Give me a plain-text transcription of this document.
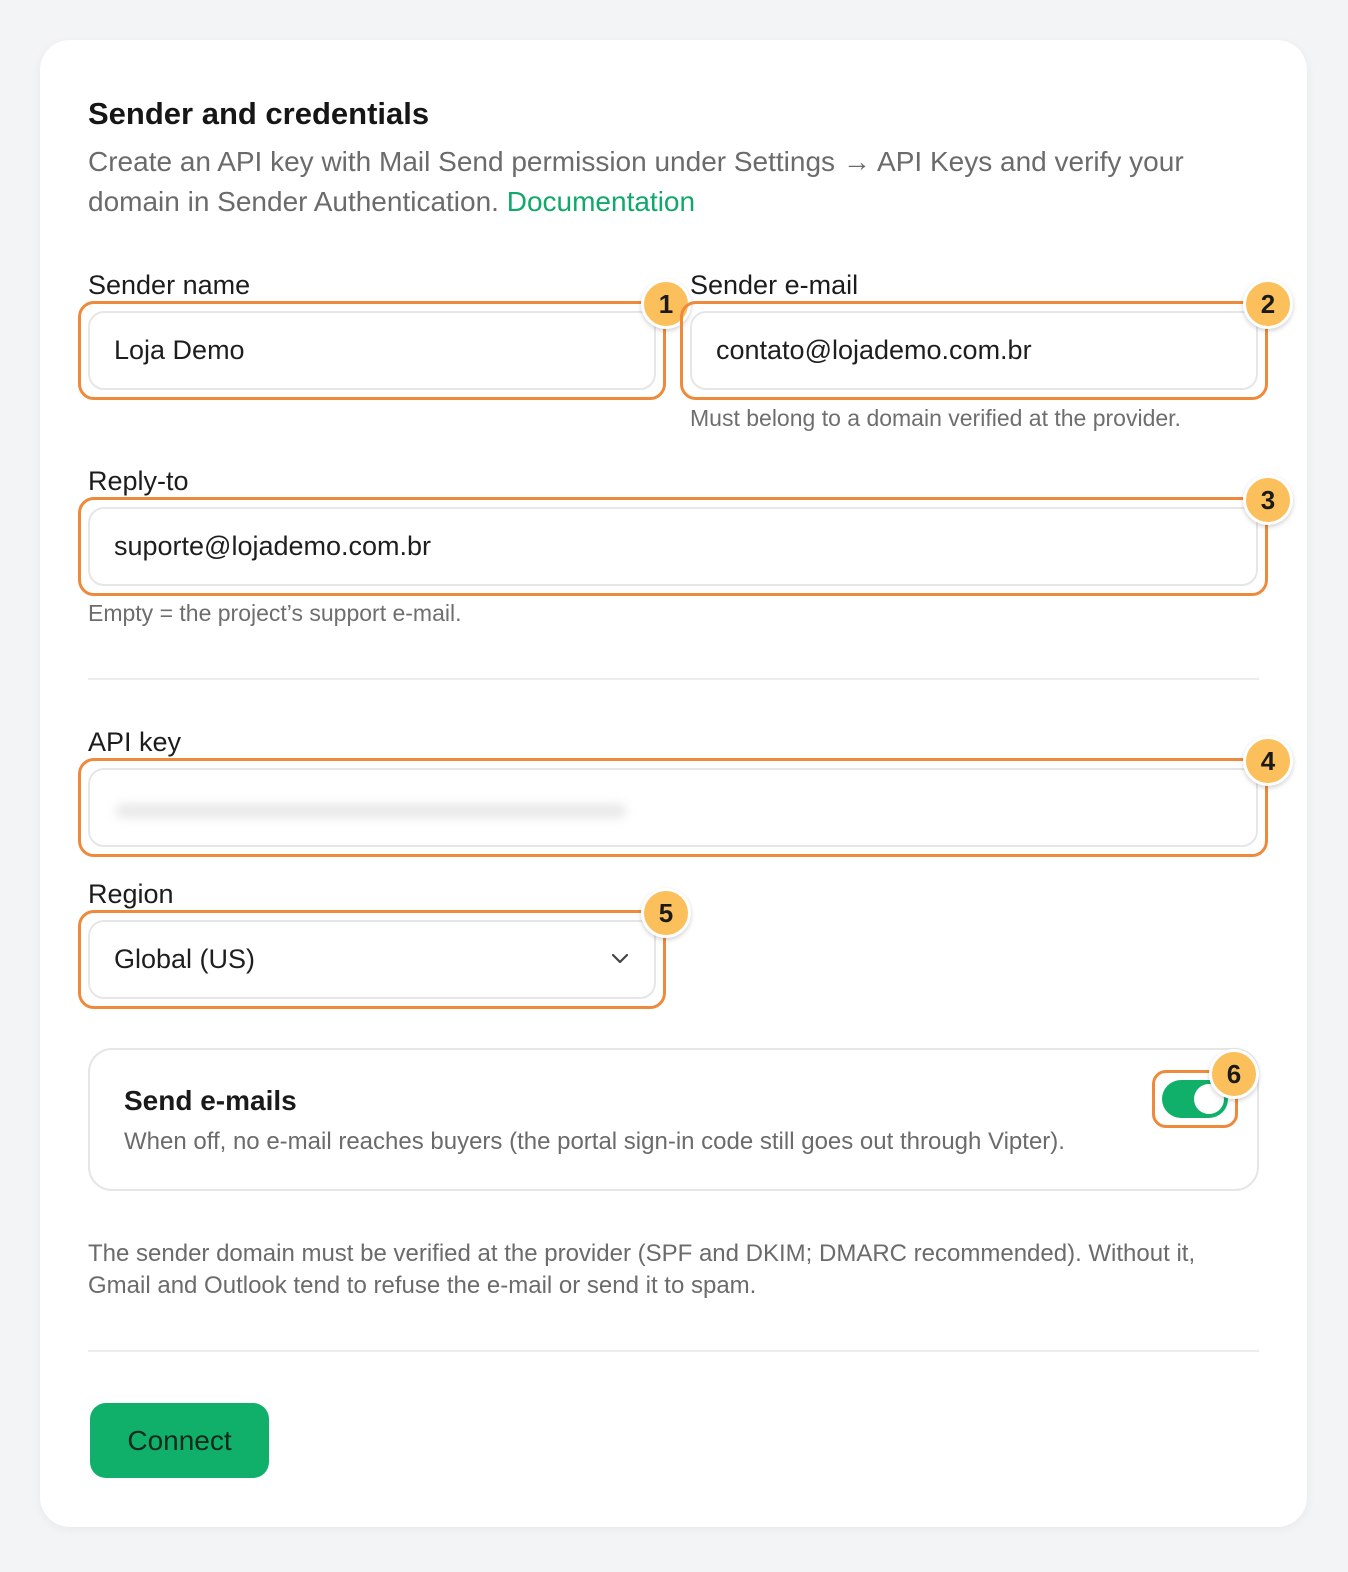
Sender and credentials
Create an API key with Mail Send permission under Settings → API Keys and verify your domain in Sender Authentication. Documentation
Sender name
Loja Demo
1
Sender e-mail
contato@lojademo.com.br
2
Must belong to a domain verified at the provider.
Reply-to
suporte@lojademo.com.br
3
Empty = the project’s support e-mail.
API key
4
Region
Global (US)
5
Send e-mails
When off, no e-mail reaches buyers (the portal sign-in code still goes out through Vipter).
6
The sender domain must be verified at the provider (SPF and DKIM; DMARC recommended). Without it, Gmail and Outlook tend to refuse the e-mail or send it to spam.
Connect
